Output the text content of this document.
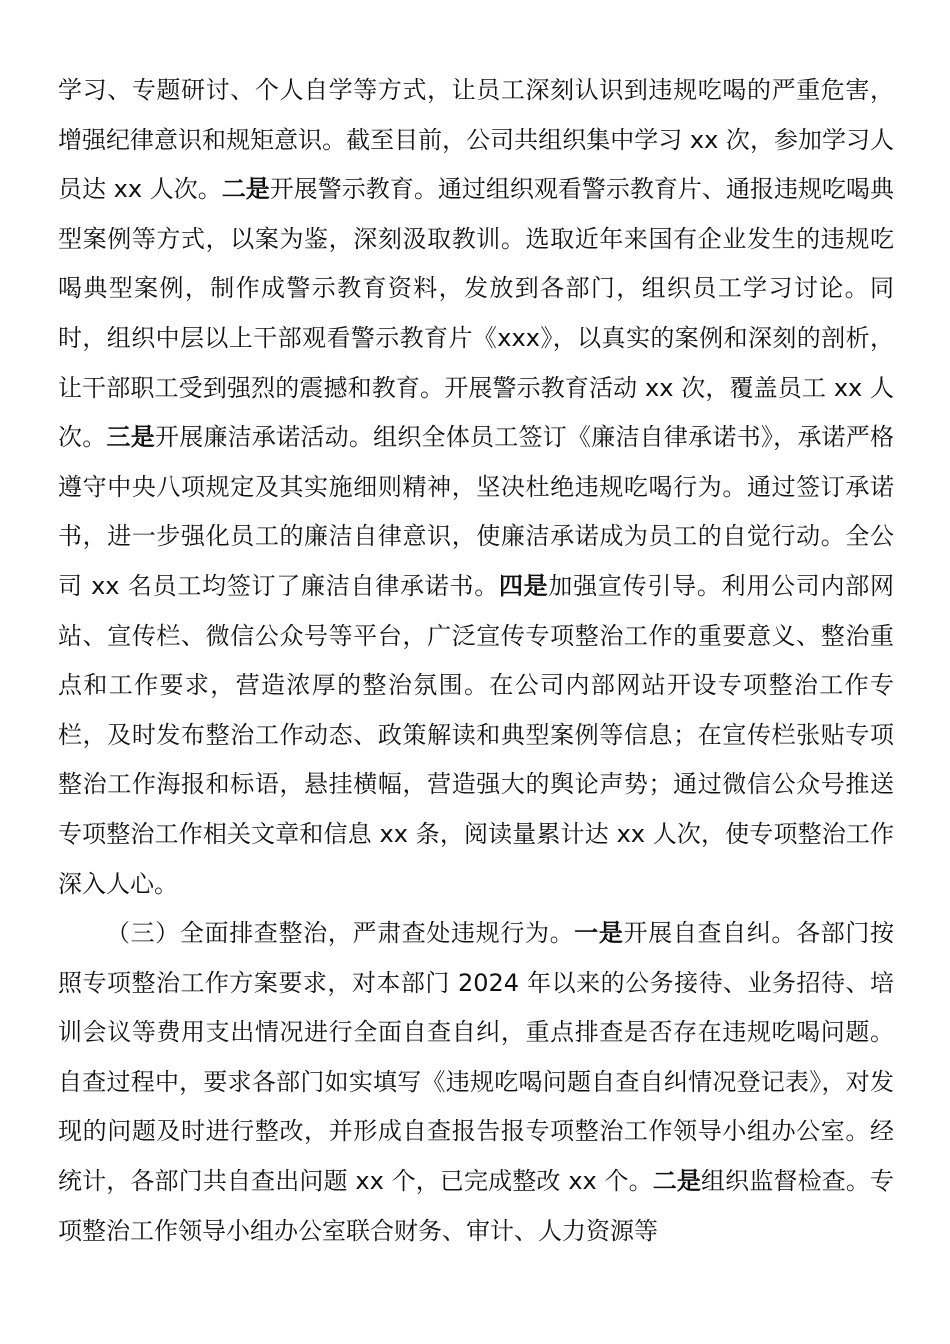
学习、专题研讨、个人自学等方式，让员工深刻认识到违规吃喝的严重危害，增强纪律意识和规矩意识。截至目前，公司共组织集中学习 xx 次，参加学习人员达 xx 人次。二是开展警示教育。通过组织观看警示教育片、通报违规吃喝典型案例等方式，以案为鉴，深刻汲取教训。选取近年来国有企业发生的违规吃喝典型案例，制作成警示教育资料，发放到各部门，组织员工学习讨论。同时，组织中层以上干部观看警示教育片《xxx》，以真实的案例和深刻的剖析，让干部职工受到强烈的震撼和教育。开展警示教育活动 xx 次，覆盖员工 xx 人次。三是开展廉洁承诺活动。组织全体员工签订《廉洁自律承诺书》，承诺严格遵守中央八项规定及其实施细则精神，坚决杜绝违规吃喝行为。通过签订承诺书，进一步强化员工的廉洁自律意识，使廉洁承诺成为员工的自觉行动。全公司 xx 名员工均签订了廉洁自律承诺书。四是加强宣传引导。利用公司内部网站、宣传栏、微信公众号等平台，广泛宣传专项整治工作的重要意义、整治重点和工作要求，营造浓厚的整治氛围。在公司内部网站开设专项整治工作专栏，及时发布整治工作动态、政策解读和典型案例等信息；在宣传栏张贴专项整治工作海报和标语，悬挂横幅，营造强大的舆论声势；通过微信公众号推送专项整治工作相关文章和信息 xx 条，阅读量累计达 xx 人次，使专项整治工作深入人心。

（三）全面排查整治，严肃查处违规行为。一是开展自查自纠。各部门按照专项整治工作方案要求，对本部门 2024 年以来的公务接待、业务招待、培训会议等费用支出情况进行全面自查自纠，重点排查是否存在违规吃喝问题。自查过程中，要求各部门如实填写《违规吃喝问题自查自纠情况登记表》，对发现的问题及时进行整改，并形成自查报告报专项整治工作领导小组办公室。经统计，各部门共自查出问题 xx 个，已完成整改 xx 个。二是组织监督检查。专项整治工作领导小组办公室联合财务、审计、人力资源等
